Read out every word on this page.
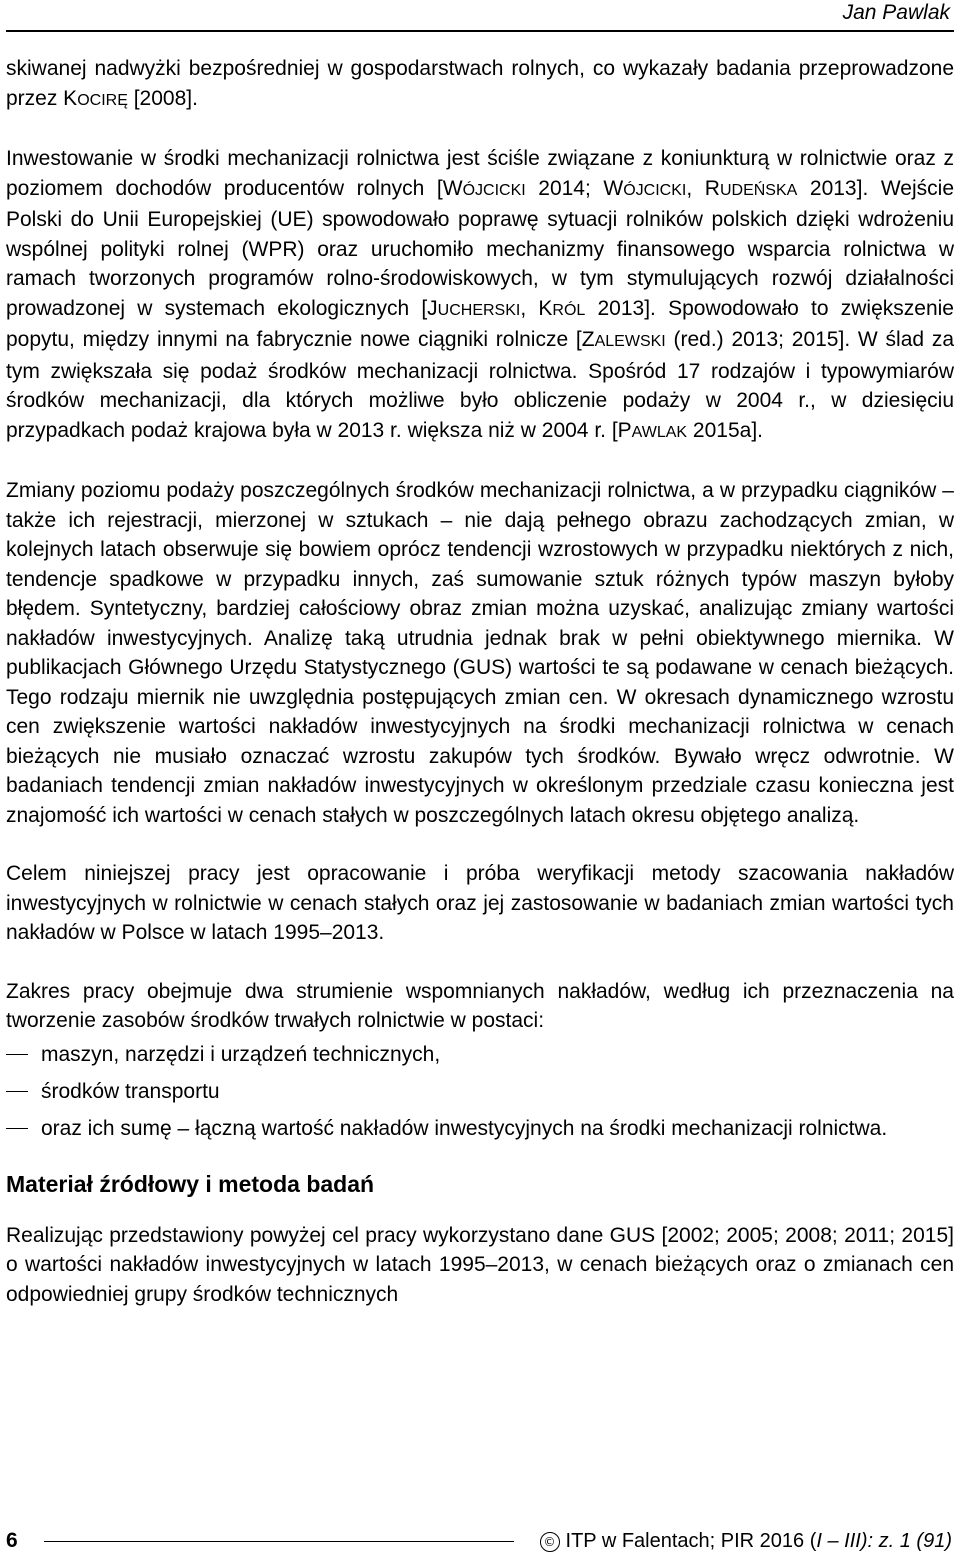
Jan Pawlak

skiwanej nadwyżki bezpośredniej w gospodarstwach rolnych, co wykazały badania przeprowadzone przez KOCIRĘ [2008].

Inwestowanie w środki mechanizacji rolnictwa jest ściśle związane z koniunkturą w rolnictwie oraz z poziomem dochodów producentów rolnych [WÓJCICKI 2014; WÓJCICKI, RUDEŃSKA 2013]. Wejście Polski do Unii Europejskiej (UE) spowodowało poprawę sytuacji rolników polskich dzięki wdrożeniu wspólnej polityki rolnej (WPR) oraz uruchomiło mechanizmy finansowego wsparcia rolnictwa w ramach tworzonych programów rolno-środowiskowych, w tym stymulujących rozwój działalności prowadzonej w systemach ekologicznych [JUCHERSKI, KRÓL 2013]. Spowodowało to zwiększenie popytu, między innymi na fabrycznie nowe ciągniki rolnicze [ZALEWSKI (red.) 2013; 2015]. W ślad za tym zwiększała się podaż środków mechanizacji rolnictwa. Spośród 17 rodzajów i typowymiarów środków mechanizacji, dla których możliwe było obliczenie podaży w 2004 r., w dziesięciu przypadkach podaż krajowa była w 2013 r. większa niż w 2004 r. [PAWLAK 2015a].

Zmiany poziomu podaży poszczególnych środków mechanizacji rolnictwa, a w przypadku ciągników – także ich rejestracji, mierzonej w sztukach – nie dają pełnego obrazu zachodzących zmian, w kolejnych latach obserwuje się bowiem oprócz tendencji wzrostowych w przypadku niektórych z nich, tendencje spadkowe w przypadku innych, zaś sumowanie sztuk różnych typów maszyn byłoby błędem. Syntetyczny, bardziej całościowy obraz zmian można uzyskać, analizując zmiany wartości nakładów inwestycyjnych. Analizę taką utrudnia jednak brak w pełni obiektywnego miernika. W publikacjach Głównego Urzędu Statystycznego (GUS) wartości te są podawane w cenach bieżących. Tego rodzaju miernik nie uwzględnia postępujących zmian cen. W okresach dynamicznego wzrostu cen zwiększenie wartości nakładów inwestycyjnych na środki mechanizacji rolnictwa w cenach bieżących nie musiało oznaczać wzrostu zakupów tych środków. Bywało wręcz odwrotnie. W badaniach tendencji zmian nakładów inwestycyjnych w określonym przedziale czasu konieczna jest znajomość ich wartości w cenach stałych w poszczególnych latach okresu objętego analizą.

Celem niniejszej pracy jest opracowanie i próba weryfikacji metody szacowania nakładów inwestycyjnych w rolnictwie w cenach stałych oraz jej zastosowanie w badaniach zmian wartości tych nakładów w Polsce w latach 1995–2013.

Zakres pracy obejmuje dwa strumienie wspomnianych nakładów, według ich przeznaczenia na tworzenie zasobów środków trwałych rolnictwie w postaci:

maszyn, narzędzi i urządzeń technicznych,
środków transportu
oraz ich sumę – łączną wartość nakładów inwestycyjnych na środki mechanizacji rolnictwa.
Materiał źródłowy i metoda badań

Realizując przedstawiony powyżej cel pracy wykorzystano dane GUS [2002; 2005; 2008; 2011; 2015] o wartości nakładów inwestycyjnych w latach 1995–2013, w cenach bieżących oraz o zmianach cen odpowiedniej grupy środków technicznych

6	© ITP w Falentach; PIR 2016 (I – III): z. 1 (91)
